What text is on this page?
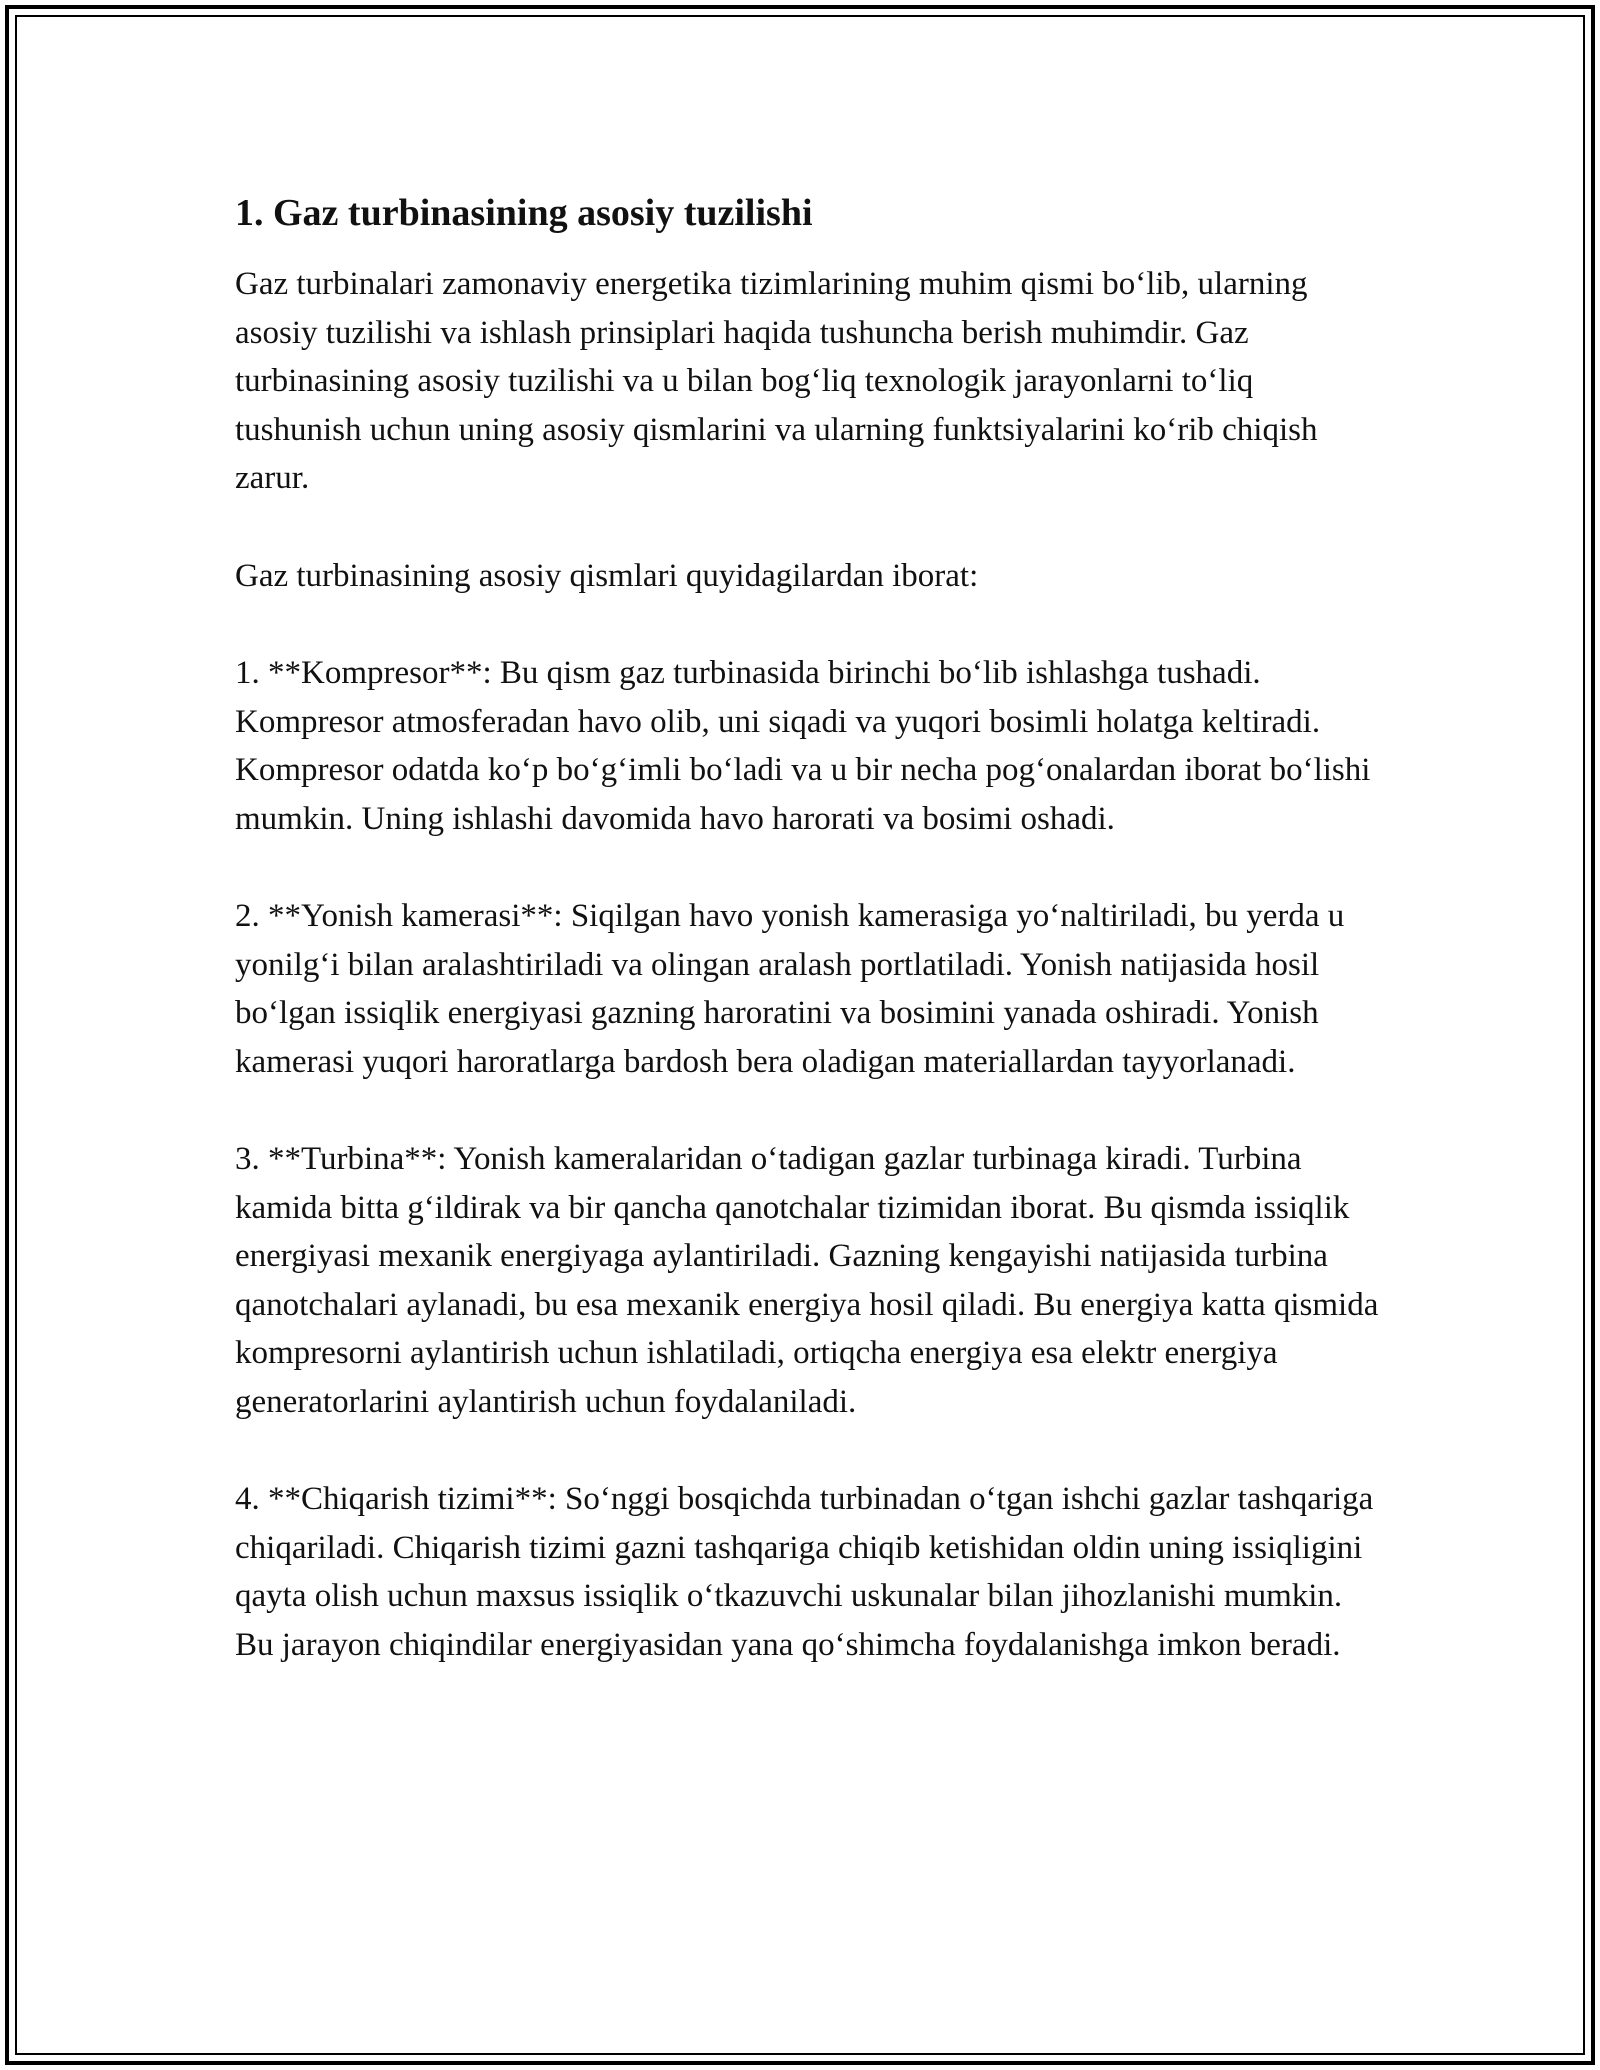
1. Gaz turbinasining asosiy tuzilishi

Gaz turbinalari zamonaviy energetika tizimlarining muhim qismi bo‘lib, ularning asosiy tuzilishi va ishlash prinsiplari haqida tushuncha berish muhimdir. Gaz turbinasining asosiy tuzilishi va u bilan bog‘liq texnologik jarayonlarni to‘liq tushunish uchun uning asosiy qismlarini va ularning funktsiyalarini ko‘rib chiqish zarur.

Gaz turbinasining asosiy qismlari quyidagilardan iborat:

1. **Kompresor**: Bu qism gaz turbinasida birinchi bo‘lib ishlashga tushadi. Kompresor atmosferadan havo olib, uni siqadi va yuqori bosimli holatga keltiradi. Kompresor odatda ko‘p bo‘g‘imli bo‘ladi va u bir necha pog‘onalardan iborat bo‘lishi mumkin. Uning ishlashi davomida havo harorati va bosimi oshadi.

2. **Yonish kamerasi**: Siqilgan havo yonish kamerasiga yo‘naltiriladi, bu yerda u yonilg‘i bilan aralashtiriladi va olingan aralash portlatiladi. Yonish natijasida hosil bo‘lgan issiqlik energiyasi gazning haroratini va bosimini yanada oshiradi. Yonish kamerasi yuqori haroratlarga bardosh bera oladigan materiallardan tayyorlanadi.

3. **Turbina**: Yonish kameralaridan o‘tadigan gazlar turbinaga kiradi. Turbina kamida bitta g‘ildirak va bir qancha qanotchalar tizimidan iborat. Bu qismda issiqlik energiyasi mexanik energiyaga aylantiriladi. Gazning kengayishi natijasida turbina qanotchalari aylanadi, bu esa mexanik energiya hosil qiladi. Bu energiya katta qismida kompresorni aylantirish uchun ishlatiladi, ortiqcha energiya esa elektr energiya generatorlarini aylantirish uchun foydalaniladi.

4. **Chiqarish tizimi**: So‘nggi bosqichda turbinadan o‘tgan ishchi gazlar tashqariga chiqariladi. Chiqarish tizimi gazni tashqariga chiqib ketishidan oldin uning issiqligini qayta olish uchun maxsus issiqlik o‘tkazuvchi uskunalar bilan jihozlanishi mumkin. Bu jarayon chiqindilar energiyasidan yana qo‘shimcha foydalanishga imkon beradi.
